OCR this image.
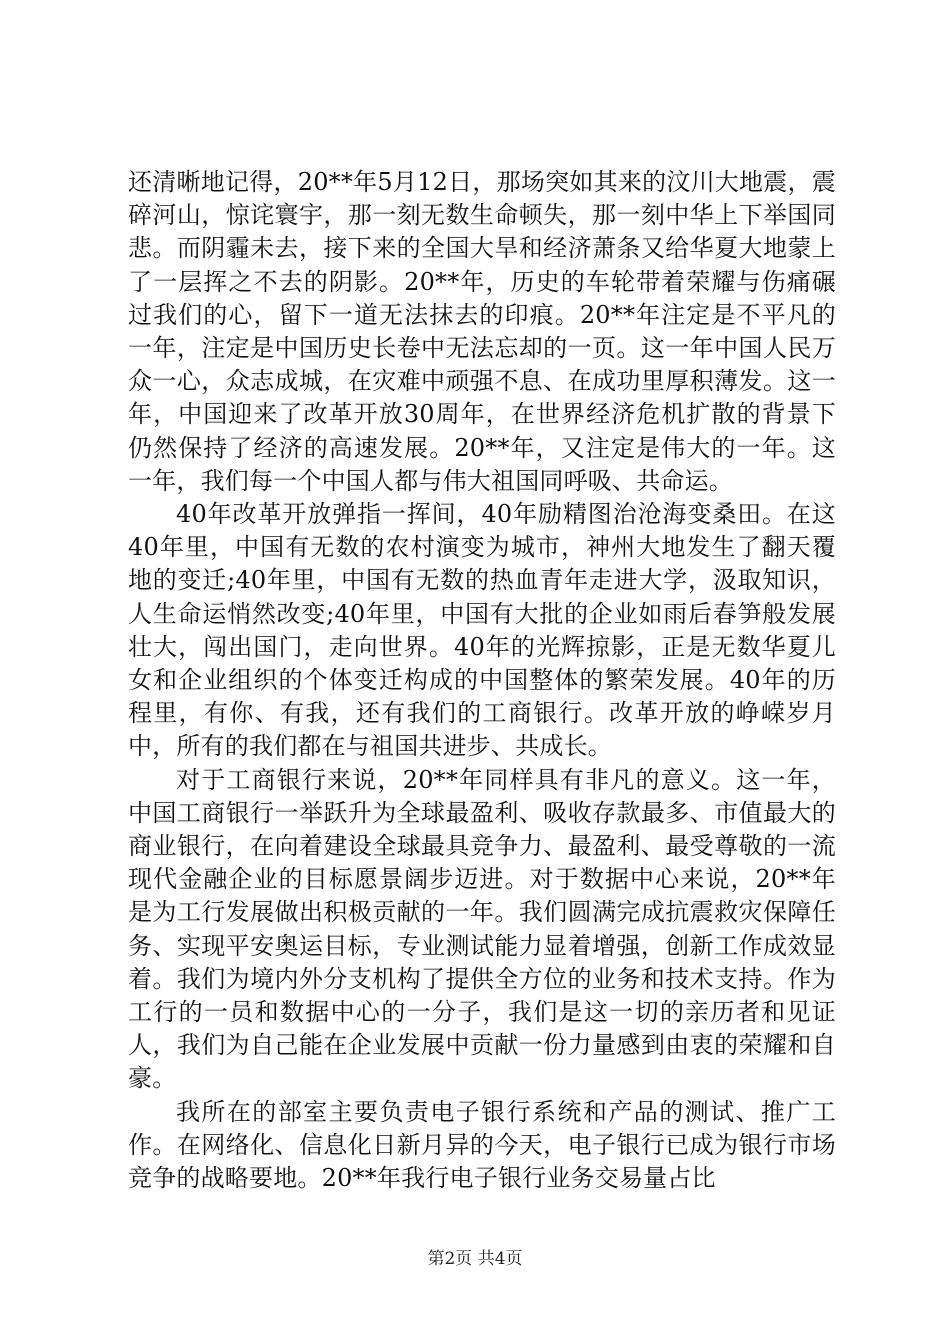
还清晰地记得，20**年5月12日，那场突如其来的汶川大地震，震碎河山，惊诧寰宇，那一刻无数生命顿失，那一刻中华上下举国同悲。而阴霾未去，接下来的全国大旱和经济萧条又给华夏大地蒙上了一层挥之不去的阴影。20**年，历史的车轮带着荣耀与伤痛碾过我们的心，留下一道无法抹去的印痕。20**年注定是不平凡的一年，注定是中国历史长卷中无法忘却的一页。这一年中国人民万众一心，众志成城，在灾难中顽强不息、在成功里厚积薄发。这一年，中国迎来了改革开放30周年，在世界经济危机扩散的背景下仍然保持了经济的高速发展。20**年，又注定是伟大的一年。这一年，我们每一个中国人都与伟大祖国同呼吸、共命运。

40年改革开放弹指一挥间，40年励精图治沧海变桑田。在这40年里，中国有无数的农村演变为城市，神州大地发生了翻天覆地的变迁;40年里，中国有无数的热血青年走进大学，汲取知识，人生命运悄然改变;40年里，中国有大批的企业如雨后春笋般发展壮大，闯出国门，走向世界。40年的光辉掠影，正是无数华夏儿女和企业组织的个体变迁构成的中国整体的繁荣发展。40年的历程里，有你、有我，还有我们的工商银行。改革开放的峥嵘岁月中，所有的我们都在与祖国共进步、共成长。

对于工商银行来说，20**年同样具有非凡的意义。这一年，中国工商银行一举跃升为全球最盈利、吸收存款最多、市值最大的商业银行，在向着建设全球最具竞争力、最盈利、最受尊敬的一流现代金融企业的目标愿景阔步迈进。对于数据中心来说，20**年是为工行发展做出积极贡献的一年。我们圆满完成抗震救灾保障任务、实现平安奥运目标，专业测试能力显着增强，创新工作成效显着。我们为境内外分支机构了提供全方位的业务和技术支持。作为工行的一员和数据中心的一分子，我们是这一切的亲历者和见证人，我们为自己能在企业发展中贡献一份力量感到由衷的荣耀和自豪。

我所在的部室主要负责电子银行系统和产品的测试、推广工作。在网络化、信息化日新月异的今天，电子银行已成为银行市场竞争的战略要地。20**年我行电子银行业务交易量占比

第2页 共4页
